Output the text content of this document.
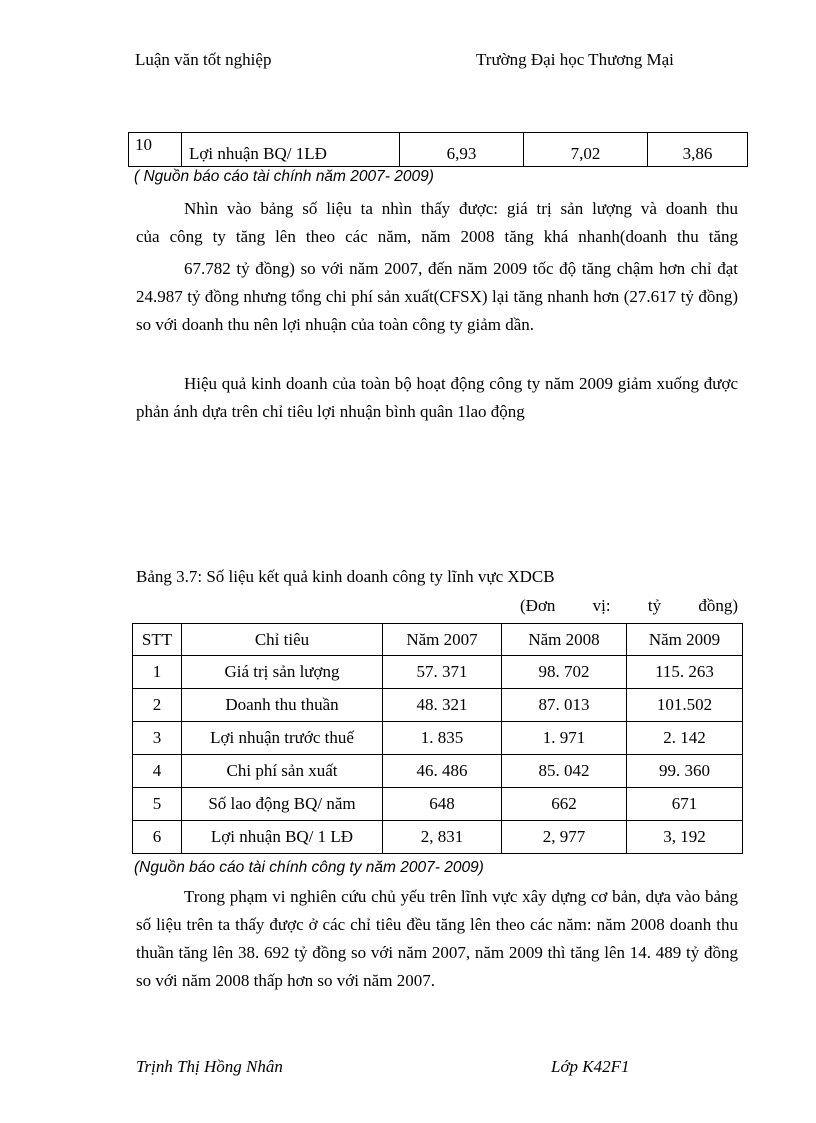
Luận văn tốt nghiệp	Trường Đại học Thương Mại
10	Lợi nhuận BQ/ 1LĐ	6,93	7,02	3,86
( Nguồn báo cáo tài chính năm 2007- 2009)
Nhìn vào bảng số liệu ta nhìn thấy được: giá trị sản lượng và doanh thu
của công ty tăng lên theo các năm, năm 2008 tăng khá nhanh(doanh thu tăng
67.782 tỷ đồng) so với năm 2007, đến năm 2009 tốc độ tăng chậm hơn chỉ đạt 24.987 tỷ đồng nhưng tổng chi phí sản xuất(CFSX) lại tăng nhanh hơn (27.617 tỷ đồng) so với doanh thu nên lợi nhuận của toàn công ty giảm dần.
Hiệu quả kinh doanh của toàn bộ hoạt động công ty năm 2009 giảm xuống được phản ánh dựa trên chỉ tiêu lợi nhuận bình quân 1lao động
Bảng 3.7: Số liệu kết quả kinh doanh công ty lĩnh vực XDCB
(Đơn vị: tỷ đồng)
STT	Chỉ tiêu	Năm 2007	Năm 2008	Năm 2009
1	Giá trị sản lượng	57. 371	98. 702	115. 263
2	Doanh thu thuần	48. 321	87. 013	101.502
3	Lợi nhuận trước thuế	1. 835	1. 971	2. 142
4	Chi phí sản xuất	46. 486	85. 042	99. 360
5	Số lao động BQ/ năm	648	662	671
6	Lợi nhuận BQ/ 1 LĐ	2, 831	2, 977	3, 192
(Nguồn báo cáo tài chính công ty năm 2007- 2009)
Trong phạm vi nghiên cứu chủ yếu trên lĩnh vực xây dựng cơ bản, dựa vào bảng số liệu trên ta thấy được ở các chỉ tiêu đều tăng lên theo các năm: năm 2008 doanh thu thuần tăng lên 38. 692 tỷ đồng so với năm 2007, năm 2009 thì tăng lên 14. 489 tỷ đồng so với năm 2008 thấp hơn so với năm 2007.
Trịnh Thị Hồng Nhân	Lớp K42F1
